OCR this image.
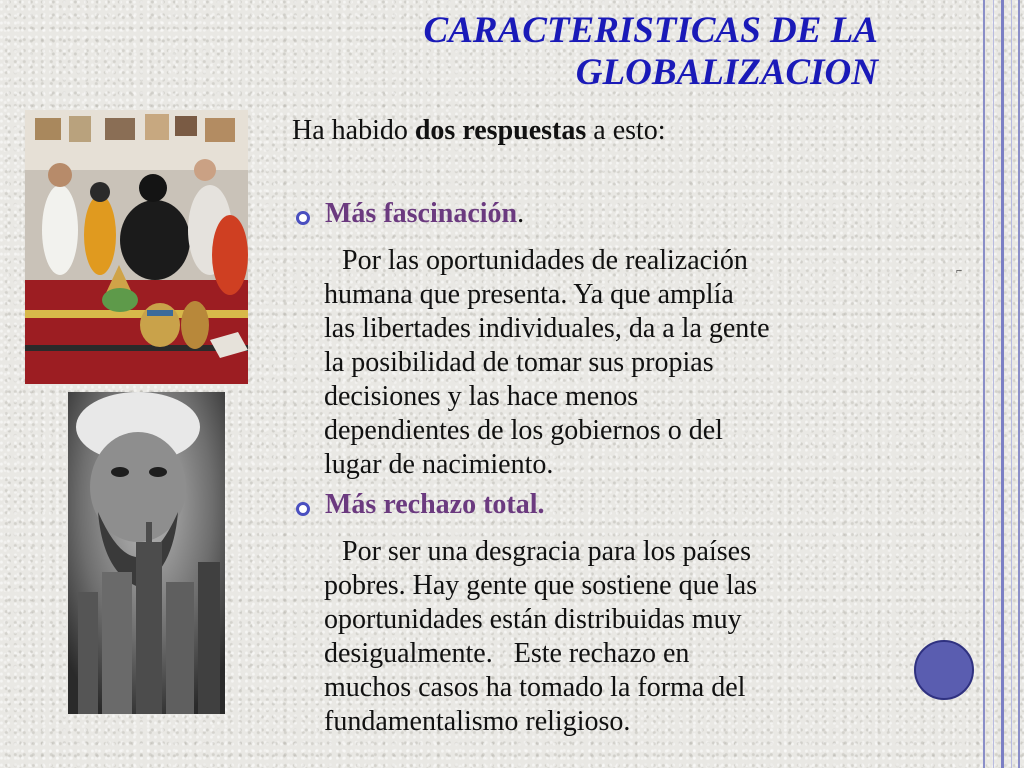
CARACTERISTICAS DE LA
GLOBALIZACION

Ha habido dos respuestas a esto:

Más fascinación.

Por las oportunidades de realización
humana que presenta. Ya que amplía
las libertades individuales, da a la gente
la posibilidad de tomar sus propias
decisiones y las hace menos
dependientes de los gobiernos o del
lugar de nacimiento.

Más rechazo total.

Por ser una desgracia para los países
pobres. Hay gente que sostiene que las
oportunidades están distribuidas muy
desigualmente.   Este rechazo en
muchos casos ha tomado la forma del
fundamentalismo religioso.
⌐
